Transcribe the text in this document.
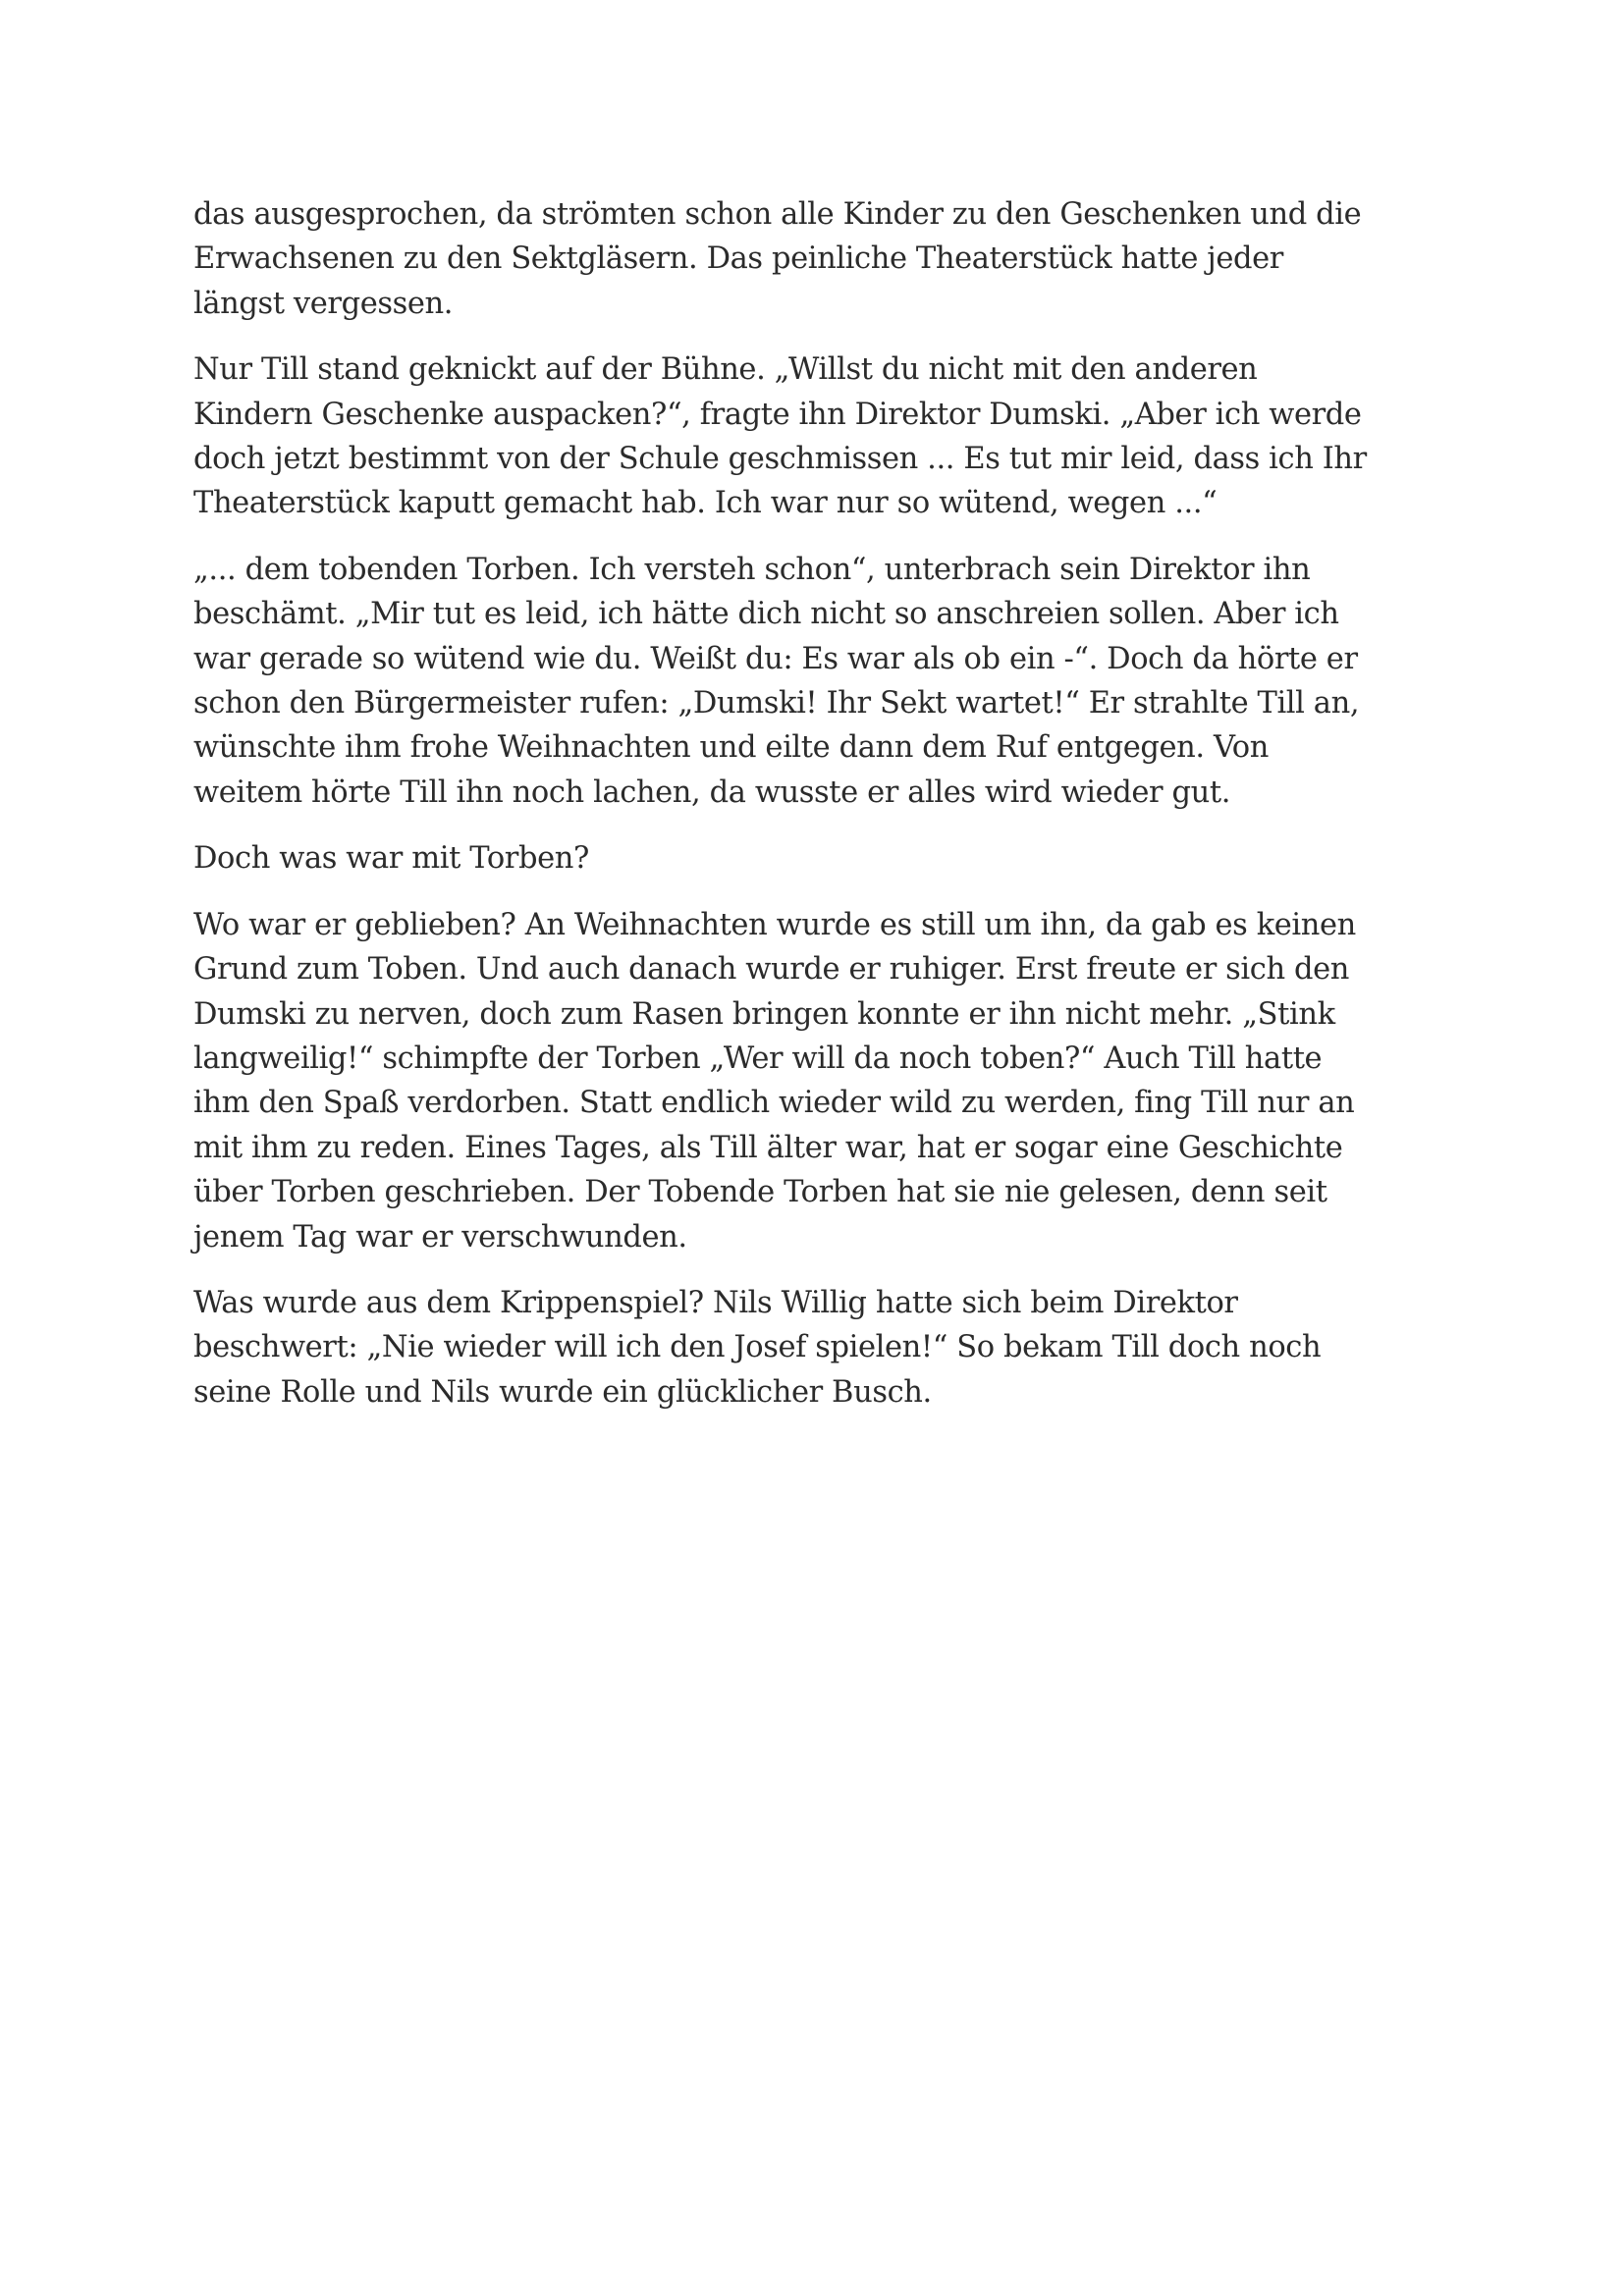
das ausgesprochen, da strömten schon alle Kinder zu den Geschenken und die
Erwachsenen zu den Sektgläsern. Das peinliche Theaterstück hatte jeder
längst vergessen.

Nur Till stand geknickt auf der Bühne. „Willst du nicht mit den anderen
Kindern Geschenke auspacken?“, fragte ihn Direktor Dumski. „Aber ich werde
doch jetzt bestimmt von der Schule geschmissen ... Es tut mir leid, dass ich Ihr
Theaterstück kaputt gemacht hab. Ich war nur so wütend, wegen ...“

„... dem tobenden Torben. Ich versteh schon“, unterbrach sein Direktor ihn
beschämt. „Mir tut es leid, ich hätte dich nicht so anschreien sollen. Aber ich
war gerade so wütend wie du. Weißt du: Es war als ob ein -“. Doch da hörte er
schon den Bürgermeister rufen: „Dumski! Ihr Sekt wartet!“ Er strahlte Till an,
wünschte ihm frohe Weihnachten und eilte dann dem Ruf entgegen. Von
weitem hörte Till ihn noch lachen, da wusste er alles wird wieder gut.

Doch was war mit Torben?

Wo war er geblieben? An Weihnachten wurde es still um ihn, da gab es keinen
Grund zum Toben. Und auch danach wurde er ruhiger. Erst freute er sich den
Dumski zu nerven, doch zum Rasen bringen konnte er ihn nicht mehr. „Stink
langweilig!“ schimpfte der Torben „Wer will da noch toben?“ Auch Till hatte
ihm den Spaß verdorben. Statt endlich wieder wild zu werden, fing Till nur an
mit ihm zu reden. Eines Tages, als Till älter war, hat er sogar eine Geschichte
über Torben geschrieben. Der Tobende Torben hat sie nie gelesen, denn seit
jenem Tag war er verschwunden.

Was wurde aus dem Krippenspiel? Nils Willig hatte sich beim Direktor
beschwert: „Nie wieder will ich den Josef spielen!“ So bekam Till doch noch
seine Rolle und Nils wurde ein glücklicher Busch.
